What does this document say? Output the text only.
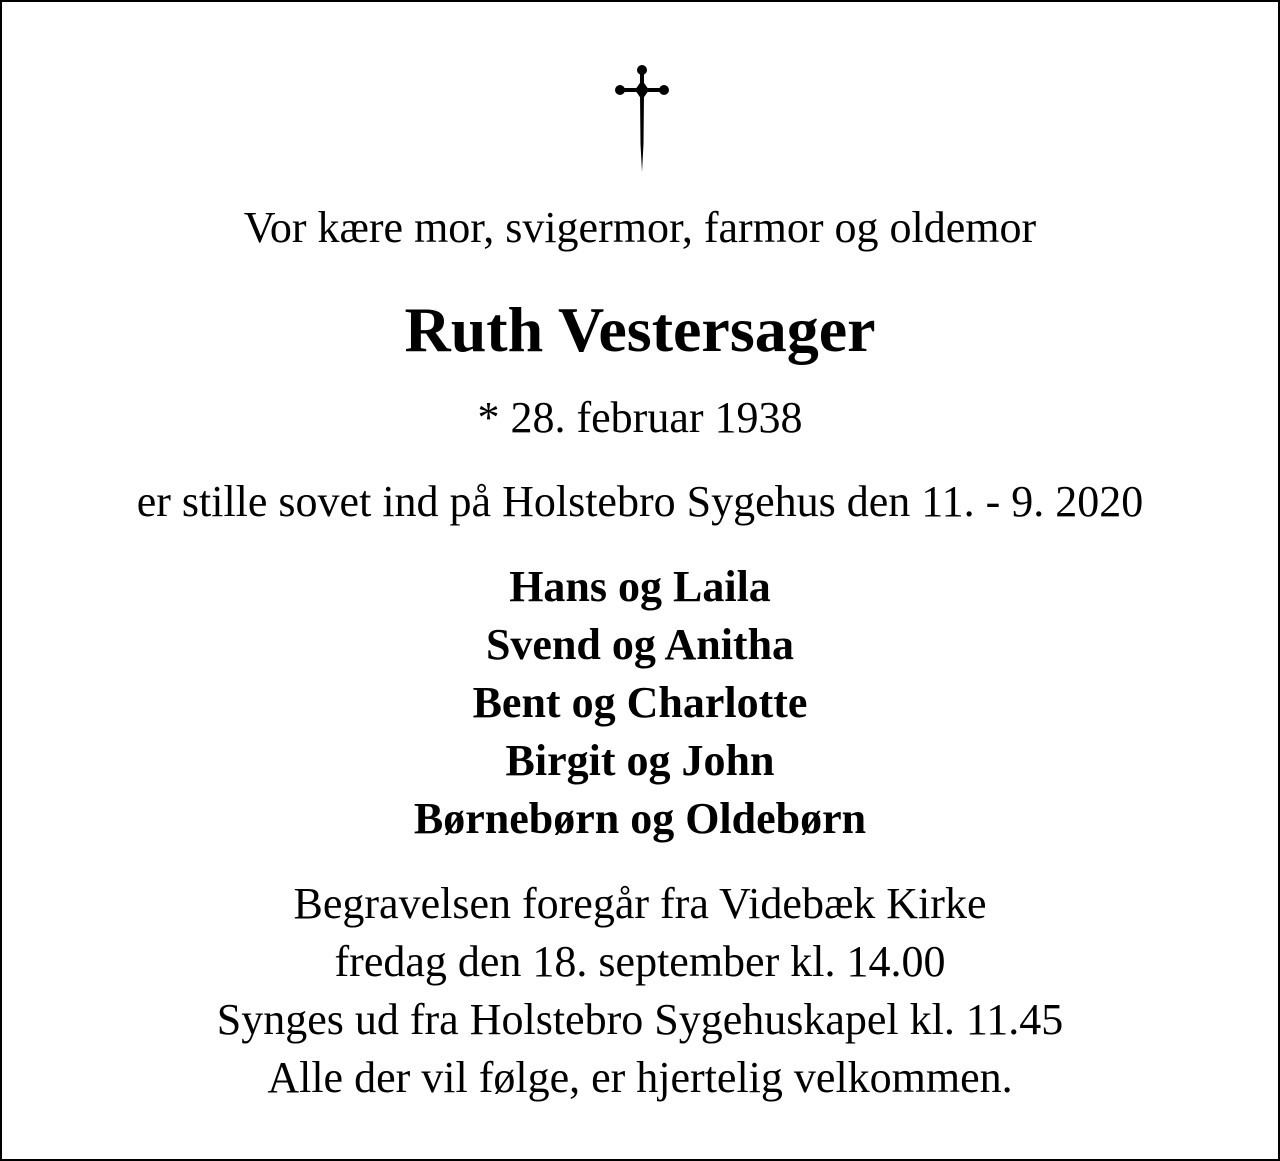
Vor kære mor, svigermor, farmor og oldemor
Ruth Vestersager
* 28. februar 1938
er stille sovet ind på Holstebro Sygehus den 11. - 9. 2020
Hans og Laila
Svend og Anitha
Bent og Charlotte
Birgit og John
Børnebørn og Oldebørn
Begravelsen foregår fra Videbæk Kirke
fredag den 18. september kl. 14.00
Synges ud fra Holstebro Sygehuskapel kl. 11.45
Alle der vil følge, er hjertelig velkommen.
